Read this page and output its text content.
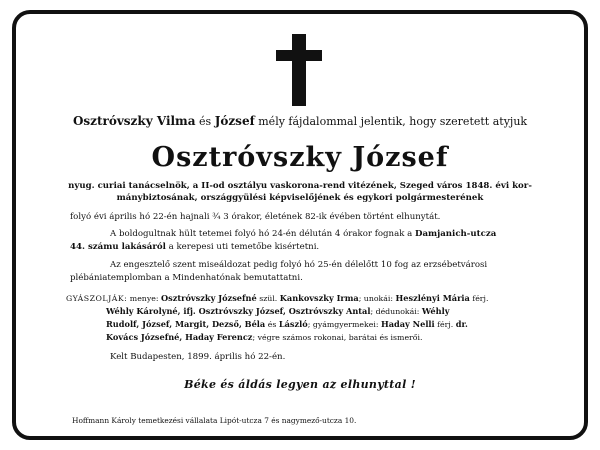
Osztróvszky Vilma és József mély fájdalommal jelentik, hogy szeretett atyjuk
Osztróvszky József
nyug. curiai tanácselnök, a II-od osztályu vaskorona-rend vitézének, Szeged város 1848. évi kor-
mánybiztosának, országgyülési képviselőjének és egykori polgármesterének
folyó évi április hó 22-én hajnali ¾ 3 órakor, életének 82-ik évében történt elhunytát.
A boldogultnak hült tetemei folyó hó 24-én délután 4 órakor fognak a Damjanich-utcza
44. számu lakásáról a kerepesi uti temetőbe kisértetni.
Az engesztelő szent miseáldozat pedig folyó hó 25-én délelőtt 10 fog az erzsébetvárosi
plébániatemplomban a Mindenhatónak bemutattatni.
GYÁSZOLJÁK: menye: Osztróvszky Józsefné szül. Kankovszky Irma; unokái: Heszlényi Mária férj.
Wéhly Károlyné, ifj. Osztróvszky József, Osztróvszky Antal; dédunokái: Wéhly
Rudolf, József, Margit, Dezső, Béla és László; gyámgyermekei: Haday Nelli férj. dr.
Kovács Józsefné, Haday Ferencz; végre számos rokonai, barátai és ismerői.
Kelt Budapesten, 1899. április hó 22-én.
Béke és áldás legyen az elhunyttal !
Hoffmann Károly temetkezési vállalata Lipót-utcza 7 és nagymező-utcza 10.
